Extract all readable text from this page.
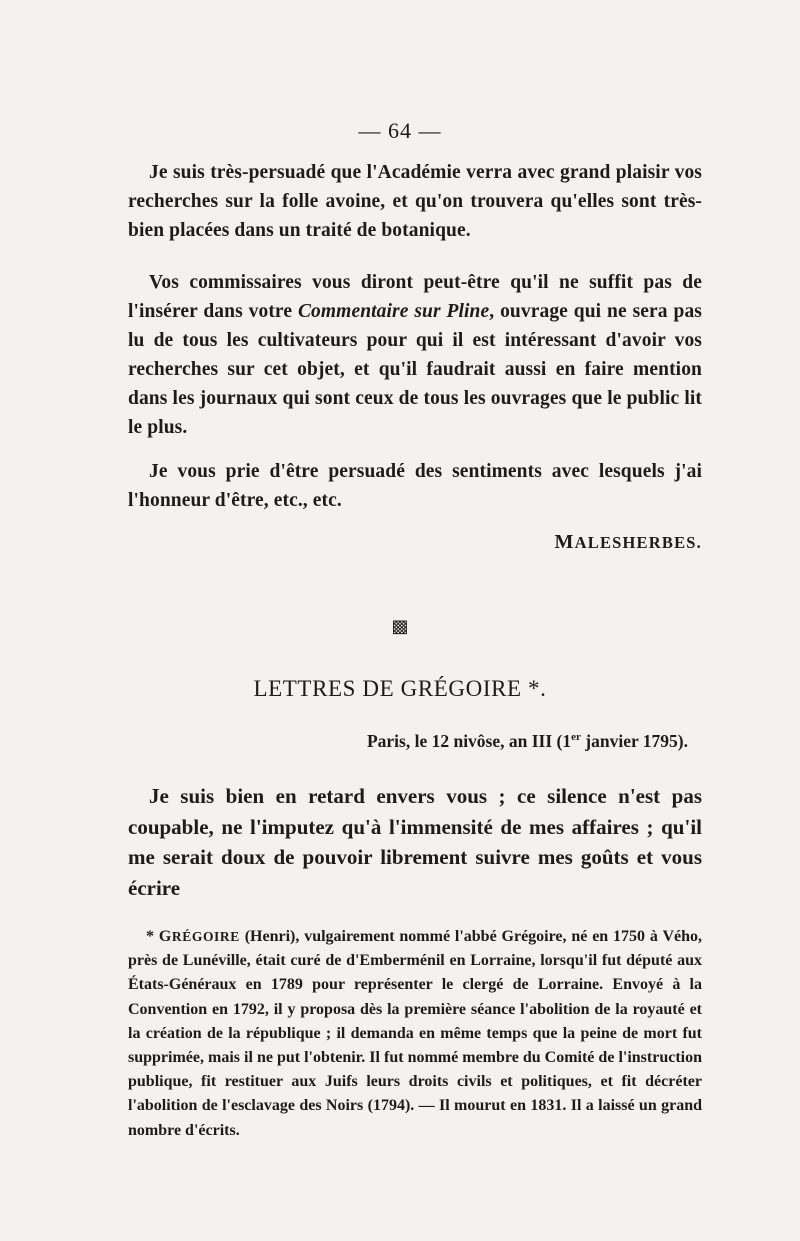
— 64 —

Je suis très-persuadé que l'Académie verra avec grand plaisir vos recherches sur la folle avoine, et qu'on trouvera qu'elles sont très-bien placées dans un traité de botanique.

Vos commissaires vous diront peut-être qu'il ne suffit pas de l'insérer dans votre Commentaire sur Pline, ouvrage qui ne sera pas lu de tous les cultivateurs pour qui il est intéressant d'avoir vos recherches sur cet objet, et qu'il faudrait aussi en faire mention dans les journaux qui sont ceux de tous les ouvrages que le public lit le plus.

Je vous prie d'être persuadé des sentiments avec lesquels j'ai l'honneur d'être, etc., etc.

MALESHERBES.
▩
LETTRES DE GRÉGOIRE *.
Paris, le 12 nivôse, an III (1er janvier 1795).

Je suis bien en retard envers vous ; ce silence n'est pas coupable, ne l'imputez qu'à l'immensité de mes affaires ; qu'il me serait doux de pouvoir librement suivre mes goûts et vous écrire

* GRÉGOIRE (Henri), vulgairement nommé l'abbé Grégoire, né en 1750 à Vého, près de Lunéville, était curé de d'Emberménil en Lorraine, lorsqu'il fut député aux États-Généraux en 1789 pour représenter le clergé de Lorraine. Envoyé à la Convention en 1792, il y proposa dès la première séance l'abolition de la royauté et la création de la république ; il demanda en même temps que la peine de mort fut supprimée, mais il ne put l'obtenir. Il fut nommé membre du Comité de l'instruction publique, fit restituer aux Juifs leurs droits civils et politiques, et fit décréter l'abolition de l'esclavage des Noirs (1794). — Il mourut en 1831. Il a laissé un grand nombre d'écrits.
